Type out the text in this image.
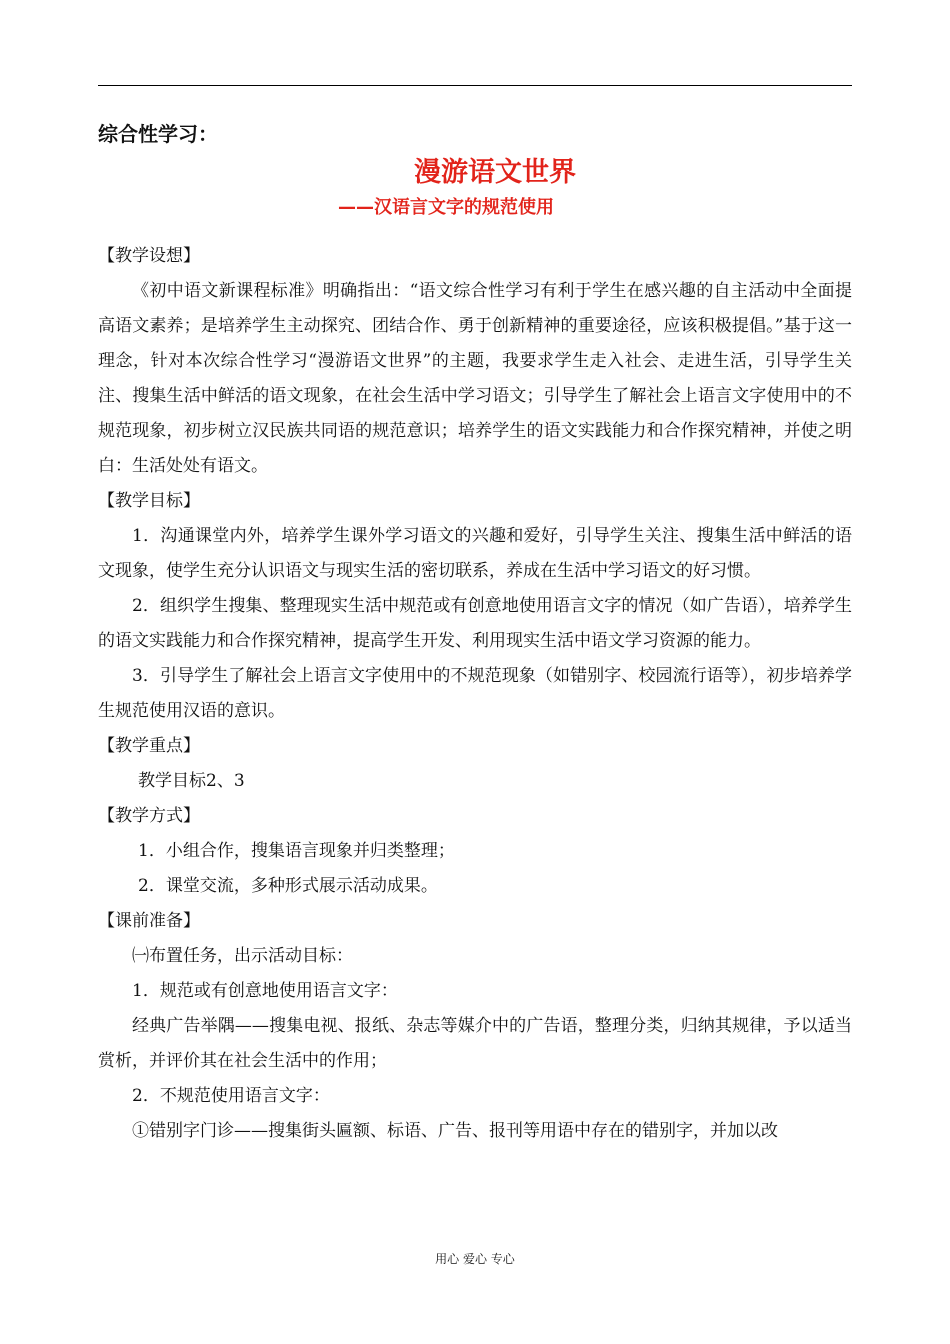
综合性学习：
漫游语文世界
——汉语言文字的规范使用
【教学设想】

《初中语文新课程标准》明确指出：“语文综合性学习有利于学生在感兴趣的自主活动中全面提高语文素养；是培养学生主动探究、团结合作、勇于创新精神的重要途径，应该积极提倡。”基于这一理念，针对本次综合性学习“漫游语文世界”的主题，我要求学生走入社会、走进生活，引导学生关注、搜集生活中鲜活的语文现象，在社会生活中学习语文；引导学生了解社会上语言文字使用中的不规范现象，初步树立汉民族共同语的规范意识；培养学生的语文实践能力和合作探究精神，并使之明白：生活处处有语文。

【教学目标】

1．沟通课堂内外，培养学生课外学习语文的兴趣和爱好，引导学生关注、搜集生活中鲜活的语文现象，使学生充分认识语文与现实生活的密切联系，养成在生活中学习语文的好习惯。

2．组织学生搜集、整理现实生活中规范或有创意地使用语言文字的情况（如广告语），培养学生的语文实践能力和合作探究精神，提高学生开发、利用现实生活中语文学习资源的能力。

3．引导学生了解社会上语言文字使用中的不规范现象（如错别字、校园流行语等），初步培养学生规范使用汉语的意识。

【教学重点】

教学目标2、3

【教学方式】

1．小组合作，搜集语言现象并归类整理；

2．课堂交流，多种形式展示活动成果。

【课前准备】

㈠布置任务，出示活动目标：

1．规范或有创意地使用语言文字：

经典广告举隅——搜集电视、报纸、杂志等媒介中的广告语，整理分类，归纳其规律，予以适当赏析，并评价其在社会生活中的作用；

2．不规范使用语言文字：

①错别字门诊——搜集街头匾额、标语、广告、报刊等用语中存在的错别字，并加以改

用心 爱心 专心
